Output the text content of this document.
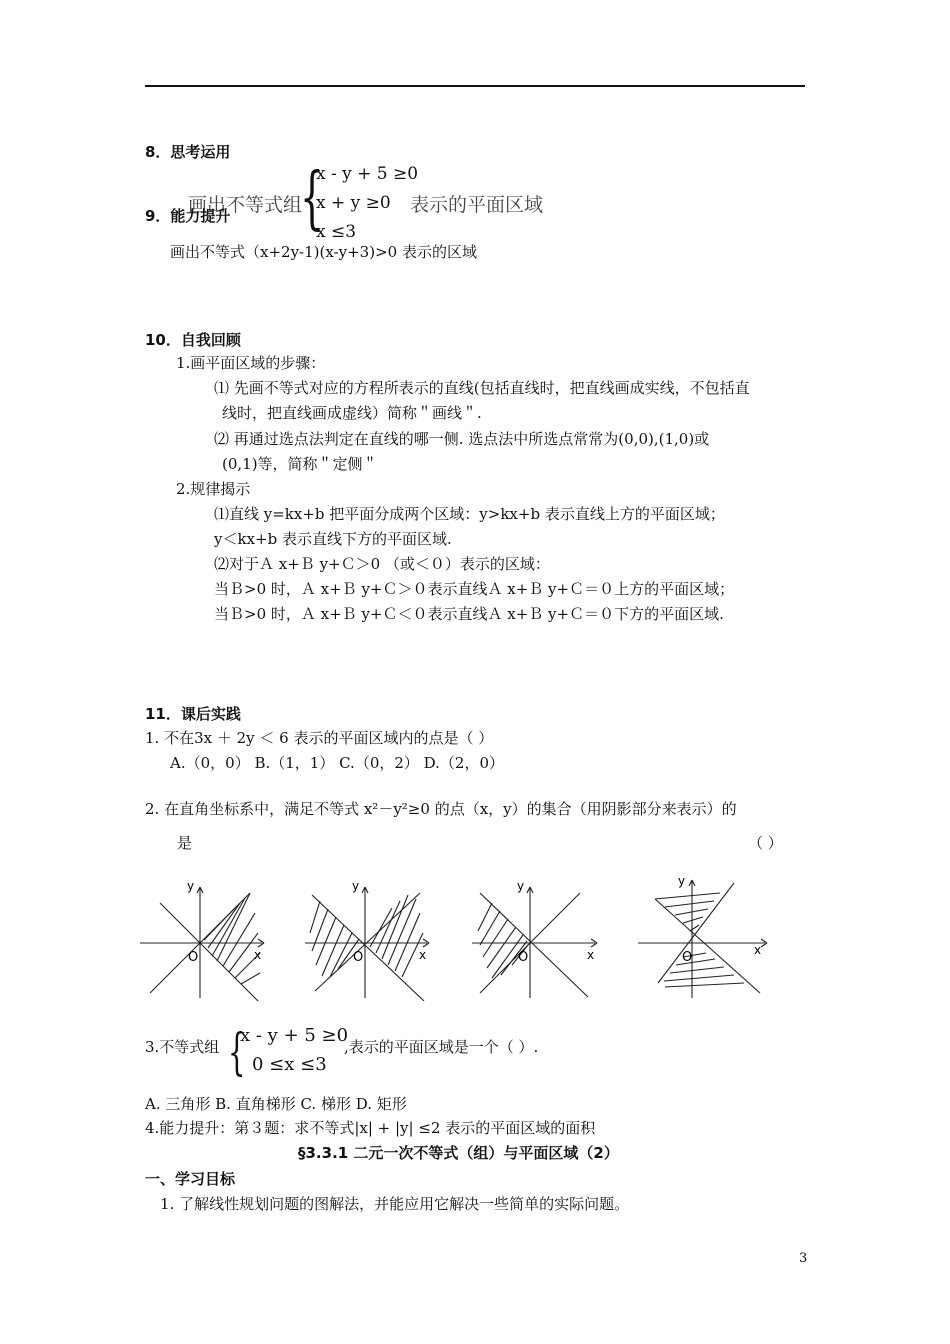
8．思考运用
画出不等式组
{
x - y + 5 ≥0
x + y ≥0
x ≤3
表示的平面区域
9．能力提升
画出不等式（x+2y-1)(x-y+3)>0 表示的区域
10．自我回顾
1.画平面区域的步骤：
⑴ 先画不等式对应的方程所表示的直线(包括直线时，把直线画成实线，不包括直
线时，把直线画成虚线）简称＂画线＂.
⑵ 再通过选点法判定在直线的哪一侧. 选点法中所选点常常为(0,0),(1,0)或
(0,1)等，简称＂定侧＂
2.规律揭示
⑴直线 y=kx+b 把平面分成两个区域：y>kx+b 表示直线上方的平面区域；
y＜kx+b 表示直线下方的平面区域.
⑵对于Ａ x+Ｂ y+Ｃ＞0 （或＜０）表示的区域：
当Ｂ>0 时，Ａ x+Ｂ y+Ｃ＞０表示直线Ａ x+Ｂ y+Ｃ＝０上方的平面区域；
当Ｂ>0 时，Ａ x+Ｂ y+Ｃ＜０表示直线Ａ x+Ｂ y+Ｃ＝０下方的平面区域.
11．课后实践
1. 不在3x ＋ 2y ＜ 6 表示的平面区域内的点是（ ）
A.（0，0） B.（1，1） C.（0，2） D.（2，0）
2. 在直角坐标系中，满足不等式 x²－y²≥0 的点（x，y）的集合（用阴影部分来表示）的
是	（ ）
y
x
O
y
x
O
y
x
O
y
x
O
3.不等式组 {
x - y + 5 ≥0
0 ≤x ≤3
,表示的平面区域是一个（ ）.
A. 三角形 B. 直角梯形 C. 梯形 D. 矩形
4.能力提升：第３题：求不等式|x| + |y| ≤2 表示的平面区域的面积
§3.3.1 二元一次不等式（组）与平面区域（2）
一、学习目标
1. 了解线性规划问题的图解法，并能应用它解决一些简单的实际问题。
3
